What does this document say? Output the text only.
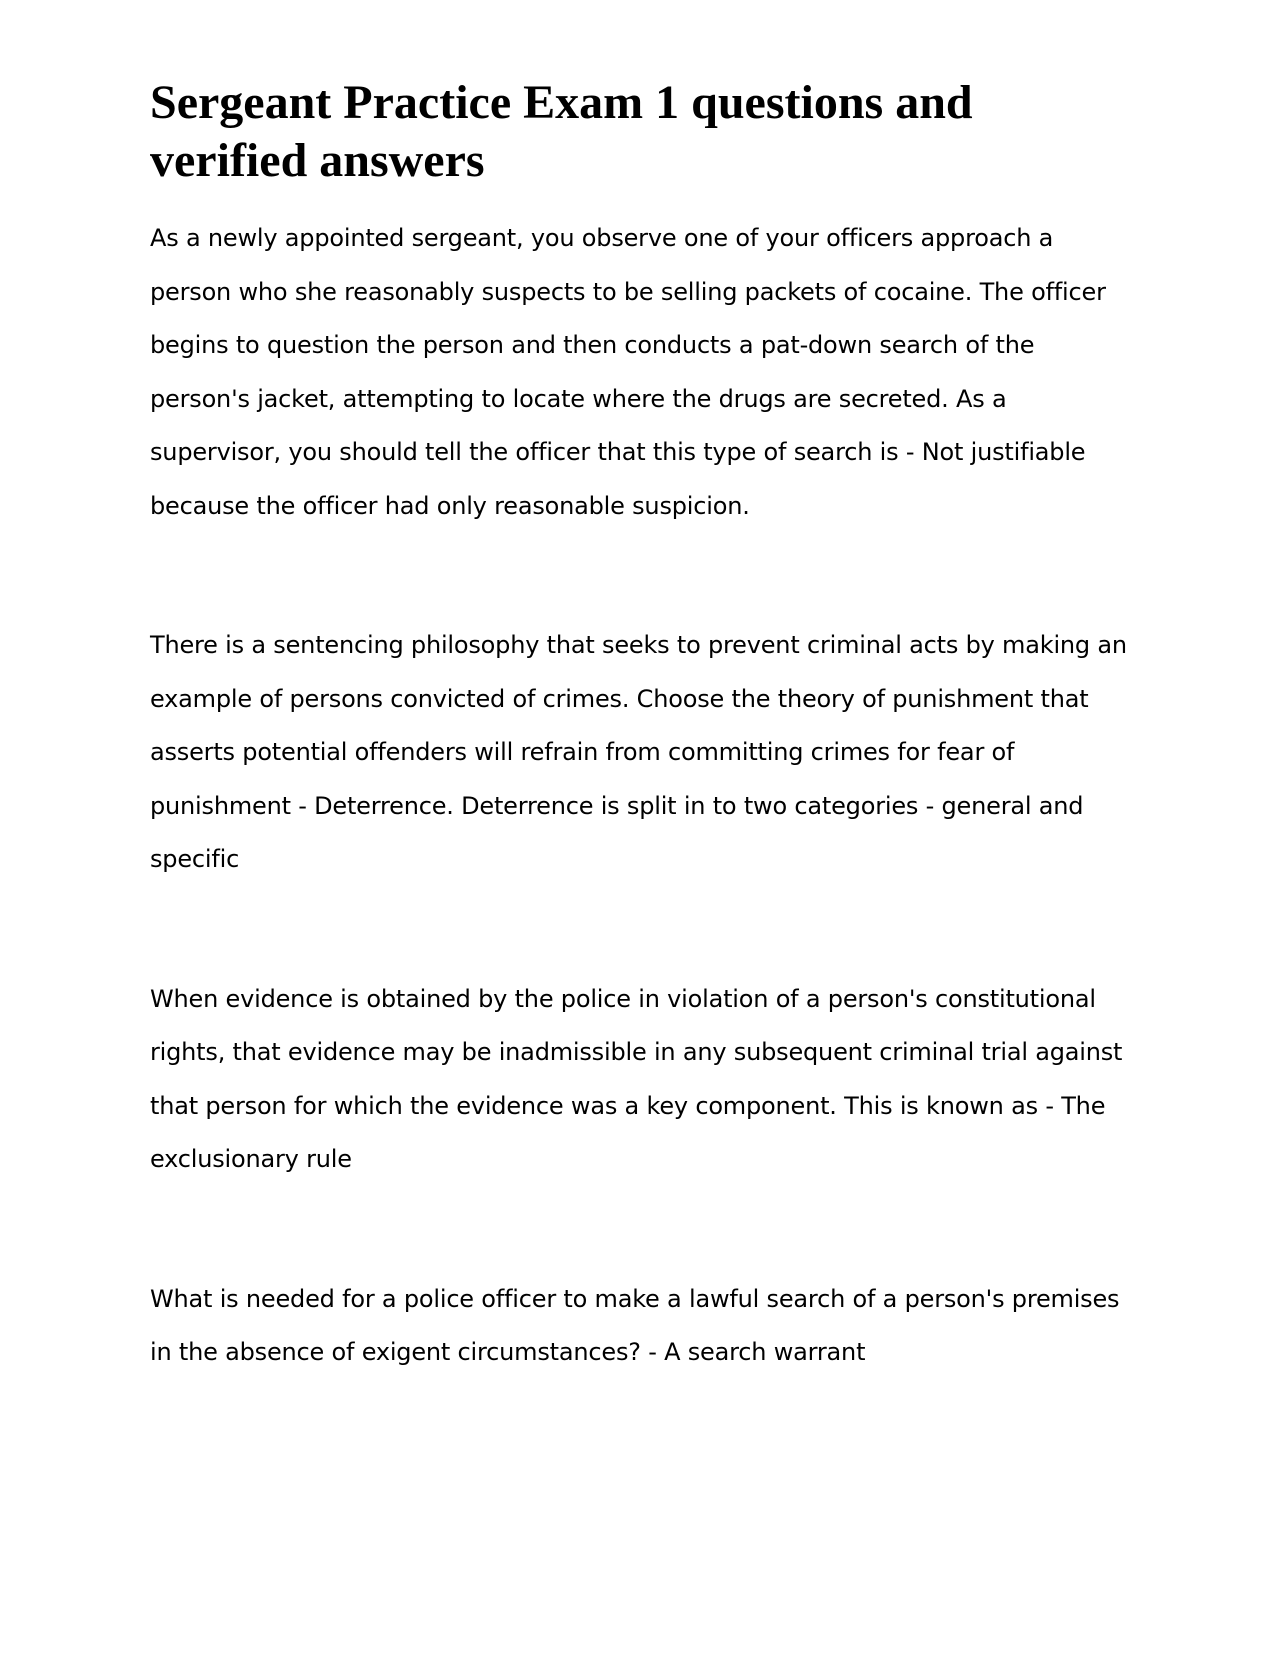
Sergeant Practice Exam 1 questions and verified answers

As a newly appointed sergeant, you observe one of your officers approach a person who she reasonably suspects to be selling packets of cocaine. The officer begins to question the person and then conducts a pat-down search of the person's jacket, attempting to locate where the drugs are secreted. As a supervisor, you should tell the officer that this type of search is - Not justifiable because the officer had only reasonable suspicion.

There is a sentencing philosophy that seeks to prevent criminal acts by making an example of persons convicted of crimes. Choose the theory of punishment that asserts potential offenders will refrain from committing crimes for fear of punishment - Deterrence. Deterrence is split in to two categories - general and specific

When evidence is obtained by the police in violation of a person's constitutional rights, that evidence may be inadmissible in any subsequent criminal trial against that person for which the evidence was a key component. This is known as - The exclusionary rule

What is needed for a police officer to make a lawful search of a person's premises in the absence of exigent circumstances? - A search warrant
